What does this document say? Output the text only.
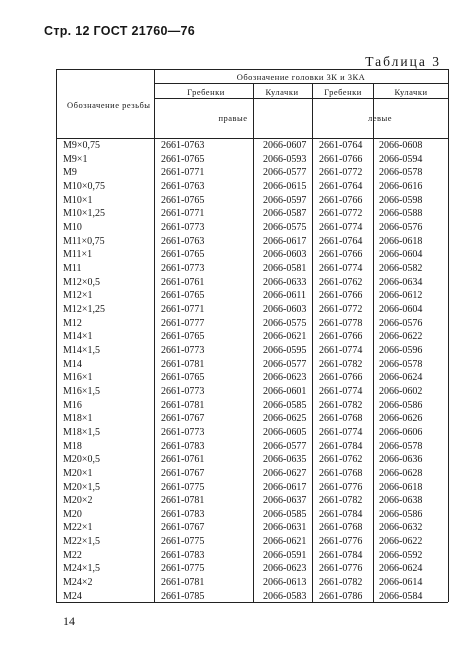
Стр. 12 ГОСТ 21760—76
Таблица 3
Обозначение резьбы
Обозначение головки 3К и 3КА
Гребенки	Кулачки	Гребенки	Кулачки
правые	левые
M9×0,75	2661-0763	2066-0607 2661-0764 2066-0608
M9×1	2661-0765	2066-0593 2661-0766 2066-0594
M9	2661-0771	2066-0577 2661-0772 2066-0578
M10×0,75	2661-0763	2066-0615 2661-0764 2066-0616
M10×1	2661-0765	2066-0597 2661-0766 2066-0598
M10×1,25	2661-0771	2066-0587 2661-0772 2066-0588
M10	2661-0773	2066-0575 2661-0774 2066-0576
M11×0,75	2661-0763	2066-0617 2661-0764 2066-0618
M11×1	2661-0765	2066-0603 2661-0766 2066-0604
M11	2661-0773	2066-0581 2661-0774 2066-0582
M12×0,5	2661-0761	2066-0633 2661-0762 2066-0634
M12×1	2661-0765	2066-0611 2661-0766 2066-0612
M12×1,25	2661-0771	2066-0603 2661-0772 2066-0604
M12	2661-0777	2066-0575 2661-0778 2066-0576
M14×1	2661-0765	2066-0621 2661-0766 2066-0622
M14×1,5	2661-0773	2066-0595 2661-0774 2066-0596
M14	2661-0781	2066-0577 2661-0782 2066-0578
M16×1	2661-0765	2066-0623 2661-0766 2066-0624
M16×1,5	2661-0773	2066-0601 2661-0774 2066-0602
M16	2661-0781	2066-0585 2661-0782 2066-0586
M18×1	2661-0767	2066-0625 2661-0768 2066-0626
M18×1,5	2661-0773	2066-0605 2661-0774 2066-0606
M18	2661-0783	2066-0577 2661-0784 2066-0578
M20×0,5	2661-0761	2066-0635 2661-0762 2066-0636
M20×1	2661-0767	2066-0627 2661-0768 2066-0628
M20×1,5	2661-0775	2066-0617 2661-0776 2066-0618
M20×2	2661-0781	2066-0637 2661-0782 2066-0638
M20	2661-0783	2066-0585 2661-0784 2066-0586
M22×1	2661-0767	2066-0631 2661-0768 2066-0632
M22×1,5	2661-0775	2066-0621 2661-0776 2066-0622
M22	2661-0783	2066-0591 2661-0784 2066-0592
M24×1,5	2661-0775	2066-0623 2661-0776 2066-0624
M24×2	2661-0781	2066-0613 2661-0782 2066-0614
M24	2661-0785	2066-0583 2661-0786 2066-0584
14
